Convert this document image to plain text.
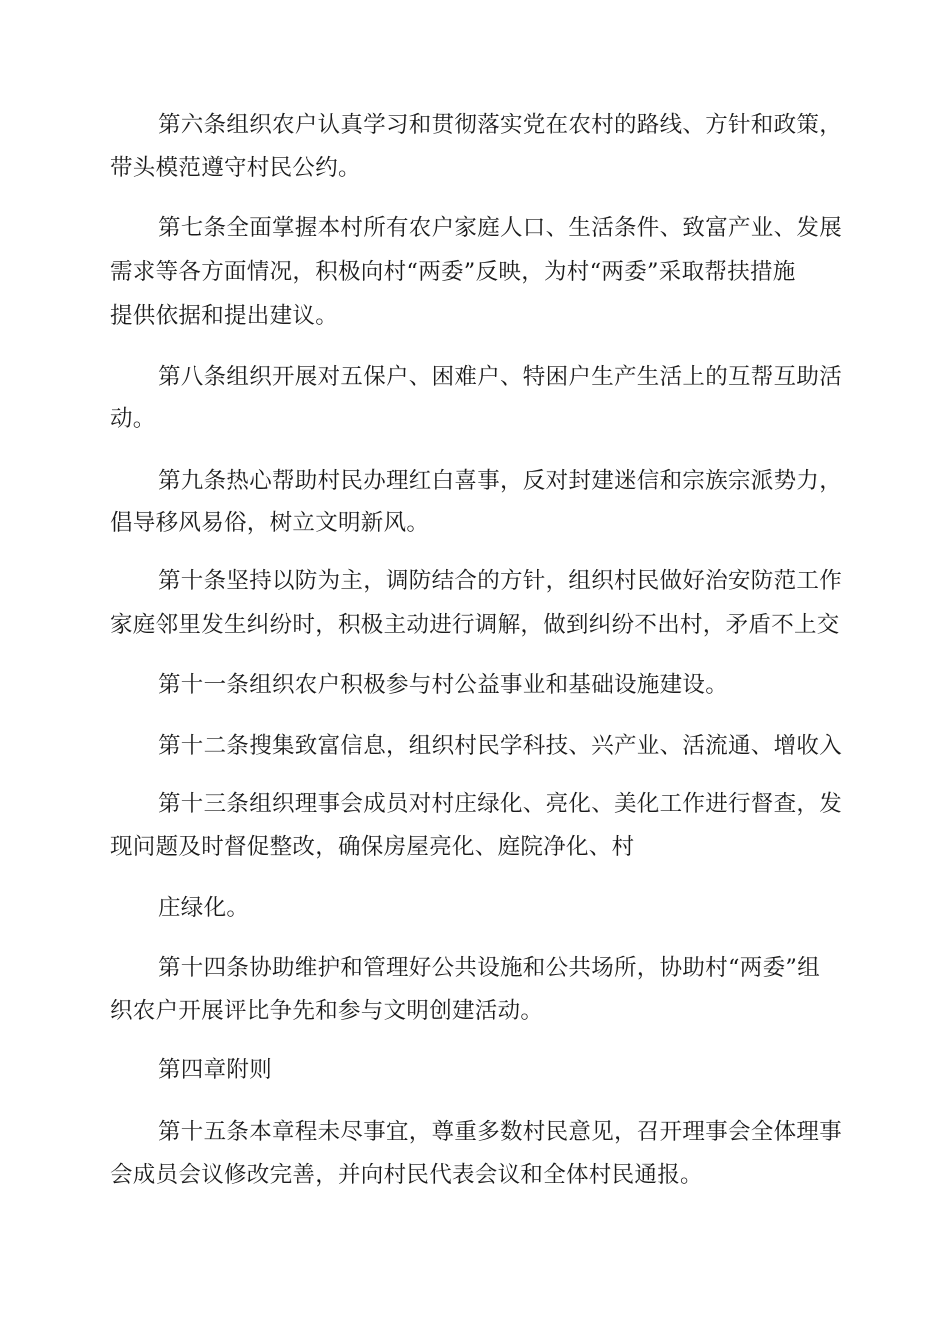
第六条组织农户认真学习和贯彻落实党在农村的路线、方针和政策，
带头模范遵守村民公约。
第七条全面掌握本村所有农户家庭人口、生活条件、致富产业、发展
需求等各方面情况，积极向村“两委”反映，为村“两委”采取帮扶措施
提供依据和提出建议。
第八条组织开展对五保户、困难户、特困户生产生活上的互帮互助活
动。
第九条热心帮助村民办理红白喜事，反对封建迷信和宗族宗派势力，
倡导移风易俗，树立文明新风。
第十条坚持以防为主，调防结合的方针，组织村民做好治安防范工作
家庭邻里发生纠纷时，积极主动进行调解，做到纠纷不出村，矛盾不上交
第十一条组织农户积极参与村公益事业和基础设施建设。
第十二条搜集致富信息，组织村民学科技、兴产业、活流通、增收入
第十三条组织理事会成员对村庄绿化、亮化、美化工作进行督查，发
现问题及时督促整改，确保房屋亮化、庭院净化、村
庄绿化。
第十四条协助维护和管理好公共设施和公共场所，协助村“两委”组
织农户开展评比争先和参与文明创建活动。
第四章附则
第十五条本章程未尽事宜，尊重多数村民意见，召开理事会全体理事
会成员会议修改完善，并向村民代表会议和全体村民通报。
